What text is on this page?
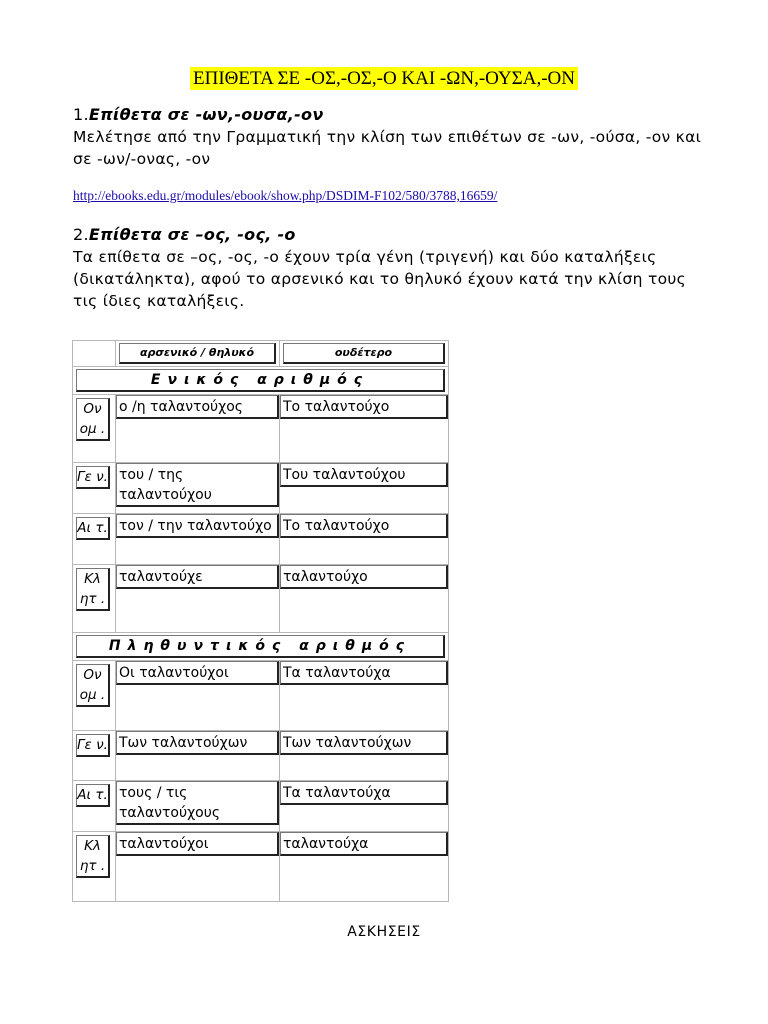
ΕΠΙΘΕΤΑ ΣΕ -ΟΣ,-ΟΣ,-Ο ΚΑΙ -ΩΝ,-ΟΥΣΑ,-ΟΝ
1.Επίθετα σε -ων,-ουσα,-ον
Μελέτησε από την Γραμματική την κλίση των επιθέτων σε -ων, -ούσα, -ον και σε -ων/-ονας, -ον
http://ebooks.edu.gr/modules/ebook/show.php/DSDIM-F102/580/3788,16659/
2.Επίθετα σε –ος, -ος, -ο
Τα επίθετα σε –ος, -ος, -ο έχουν τρία γένη (τριγενή) και δύο καταλήξεις (δικατάληκτα), αφού το αρσενικό και το θηλυκό έχουν κατά την κλίση τους τις ίδιες καταλήξεις.

	αρσενικό / θηλυκό	ουδέτερο

Ενικός αριθμός		

Ον ομ .	ο /η ταλαντούχος	Το ταλαντούχο

Γε ν.	του / της ταλαντούχου	Του ταλαντούχου

Αι τ.	τον / την ταλαντούχο	Το ταλαντούχο

Κλ ητ .	ταλαντούχε	ταλαντούχο

Πληθυντικός αριθμός		

Ον ομ .	Οι ταλαντούχοι	Τα ταλαντούχα

Γε ν.	Των ταλαντούχων	Των ταλαντούχων

Αι τ.	τους / τις ταλαντούχους	Τα ταλαντούχα

Κλ ητ .	ταλαντούχοι	ταλαντούχα
ΑΣΚΗΣΕΙΣ
